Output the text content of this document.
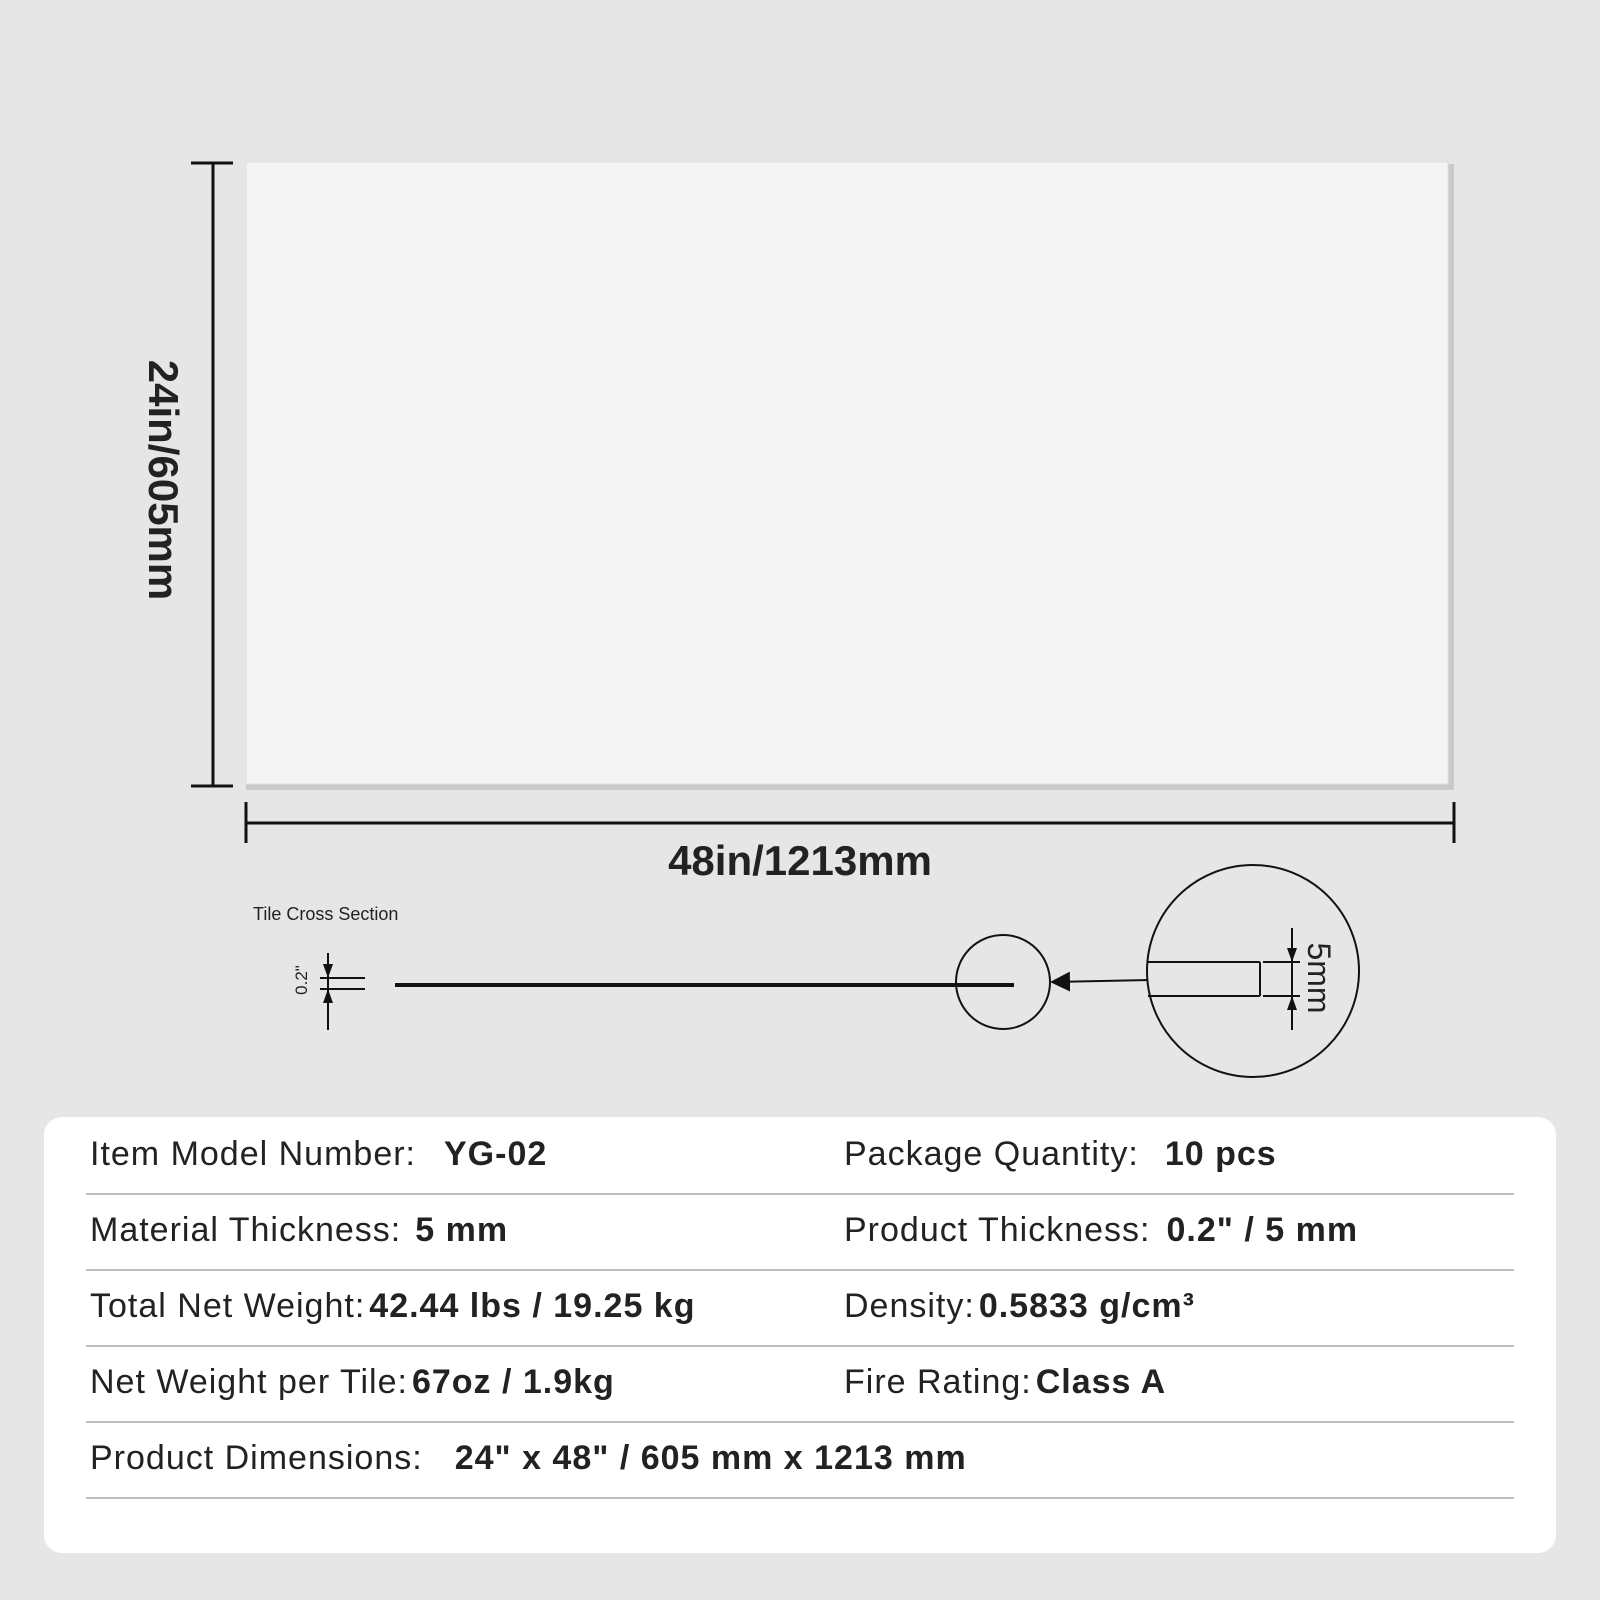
24in/605mm
48in/1213mm
Tile Cross Section
0.2"	5mm
Item Model Number: YG-02	Package Quantity: 10 pcs
Material Thickness: 5 mm	Product Thickness: 0.2" / 5 mm
Total Net Weight: 42.44 lbs / 19.25 kg	Density: 0.5833 g/cm³
Net Weight per Tile: 67oz / 1.9kg	Fire Rating: Class A
Product Dimensions: 24" x 48" / 605 mm x 1213 mm
